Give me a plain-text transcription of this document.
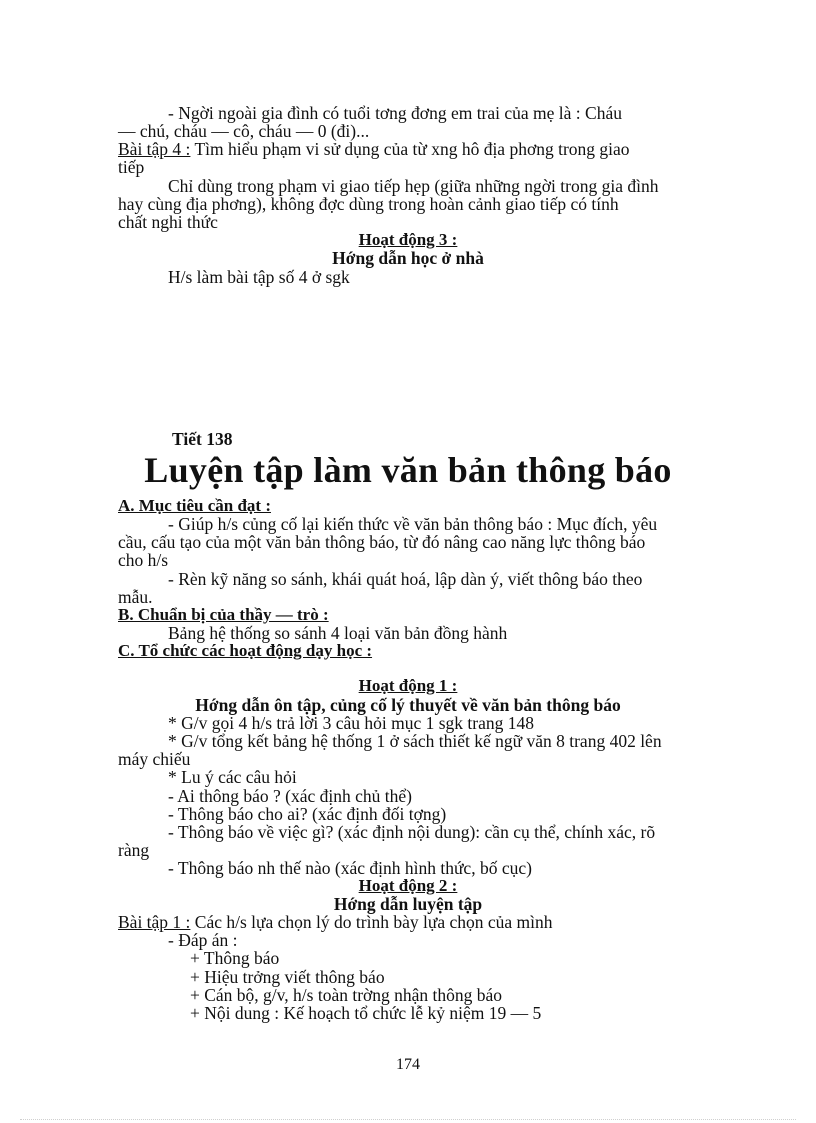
- Ngời ngoài gia đình có tuổi tơng đơng em trai của mẹ là : Cháu
— chú, cháu — cô, cháu — 0 (đi)...
Bài tập 4 : Tìm hiểu phạm vi sử dụng của từ xng hô địa phơng trong giao
tiếp
Chỉ dùng trong phạm vi giao tiếp hẹp (giữa những ngời trong gia đình
hay cùng địa phơng), không đợc dùng trong hoàn cảnh giao tiếp có tính
chất nghi thức
Hoạt động 3 :
Hớng dẫn học ở nhà
H/s làm bài tập số 4 ở sgk
Tiết 138
Luyện tập làm văn bản thông báo
A. Mục tiêu cần đạt :
- Giúp h/s củng cố lại kiến thức về văn bản thông báo : Mục đích, yêu
cầu, cấu tạo của một văn bản thông báo, từ đó nâng cao năng lực thông báo
cho h/s
- Rèn kỹ năng so sánh, khái quát hoá, lập dàn ý, viết thông báo theo
mẫu.
B. Chuẩn bị của thầy — trò :
Bảng hệ thống so sánh 4 loại văn bản đồng hành
C. Tổ chức các hoạt động dạy học :
Hoạt động 1 :
Hớng dẫn ôn tập, củng cố lý thuyết về văn bản thông báo
* G/v gọi 4 h/s trả lời 3 câu hỏi mục 1 sgk trang 148
* G/v tổng kết bảng hệ thống 1 ở sách thiết kế ngữ văn 8 trang 402 lên
máy chiếu
* Lu ý các câu hỏi
- Ai thông báo ? (xác định chủ thể)
- Thông báo cho ai? (xác định đối tợng)
- Thông báo về việc gì? (xác định nội dung): cần cụ thể, chính xác, rõ
ràng
- Thông báo nh thế nào (xác định hình thức, bố cục)
Hoạt động 2 :
Hớng dẫn luyện tập
Bài tập 1 : Các h/s lựa chọn lý do trình bày lựa chọn của mình
- Đáp án :
+ Thông báo
+ Hiệu trởng viết thông báo
+ Cán bộ, g/v, h/s toàn trờng nhận thông báo
+ Nội dung : Kế hoạch tổ chức lễ kỷ niệm 19 — 5
174
